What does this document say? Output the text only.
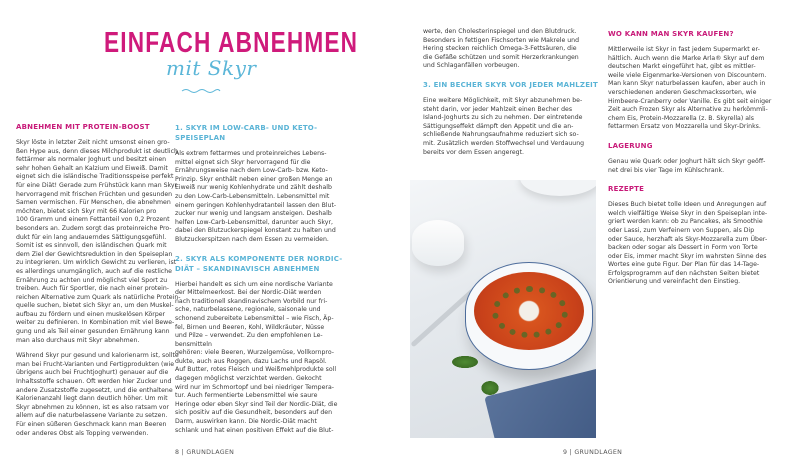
EINFACH ABNEHMEN
mit Skyr
ABNEHMEN MIT PROTEIN-BOOST
Skyr löste in letzter Zeit nicht umsonst einen gro-
ßen Hype aus, denn dieses Milchprodukt ist deutlich
fettärmer als normaler Joghurt und besitzt einen
sehr hohen Gehalt an Kalzium und Eiweiß. Damit
eignet sich die isländische Traditionsspeise perfekt
für eine Diät! Gerade zum Frühstück kann man Skyr
hervorragend mit frischen Früchten und gesunden
Samen vermischen. Für Menschen, die abnehmen
möchten, bietet sich Skyr mit 66 Kalorien pro
100 Gramm und einem Fettanteil von 0,2 Prozent
besonders an. Zudem sorgt das proteinreiche Pro-
dukt für ein lang andauerndes Sättigungsgefühl.
Somit ist es sinnvoll, den isländischen Quark mit
dem Ziel der Gewichtsreduktion in den Speiseplan
zu integrieren. Um wirklich Gewicht zu verlieren, ist
es allerdings unumgänglich, auch auf die restliche
Ernährung zu achten und möglichst viel Sport zu
treiben. Auch für Sportler, die nach einer protein-
reichen Alternative zum Quark als natürliche Protein-
quelle suchen, bietet sich Skyr an, um den Muskel-
aufbau zu fördern und einen muskelösen Körper
weiter zu definieren. In Kombination mit viel Bewe-
gung und als Teil einer gesunden Ernährung kann
man also durchaus mit Skyr abnehmen.
Während Skyr pur gesund und kalorienarm ist, sollte
man bei Frucht-Varianten und Fertigprodukten (wie
übrigens auch bei Fruchtjoghurt) genauer auf die
Inhaltsstoffe schauen. Oft werden hier Zucker und
andere Zusatzstoffe zugesetzt, und die enthaltene
Kalorienanzahl liegt dann deutlich höher. Um mit
Skyr abnehmen zu können, ist es also ratsam vor
allem auf die naturbelassene Variante zu setzen.
Für einen süßeren Geschmack kann man Beeren
oder anderes Obst als Topping verwenden.
1. SKYR IM LOW-CARB- UND KETO-
SPEISEPLAN
Als extrem fettarmes und proteinreiches Lebens-
mittel eignet sich Skyr hervorragend für die
Ernährungsweise nach dem Low-Carb- bzw. Keto-
Prinzip. Skyr enthält neben einer großen Menge an
Eiweiß nur wenig Kohlenhydrate und zählt deshalb
zu den Low-Carb-Lebensmitteln. Lebensmittel mit
einem geringen Kohlenhydratanteil lassen den Blut-
zucker nur wenig und langsam ansteigen. Deshalb
helfen Low-Carb-Lebensmittel, darunter auch Skyr,
dabei den Blutzuckerspiegel konstant zu halten und
Blutzuckerspitzen nach dem Essen zu vermeiden.
2. SKYR ALS KOMPONENTE DER NORDIC-
DIÄT – SKANDINAVISCH ABNEHMEN
Hierbei handelt es sich um eine nordische Variante
der Mittelmeerkost. Bei der Nordic-Diät werden
nach traditionell skandinavischem Vorbild nur fri-
sche, naturbelassene, regionale, saisonale und
schonend zubereitete Lebensmittel – wie Fisch, Äp-
fel, Birnen und Beeren, Kohl, Wildkräuter, Nüsse
und Pilze – verwendet. Zu den empfohlenen Le-
bensmitteln
gehören: viele Beeren, Wurzelgemüse, Vollkornpro-
dukte, auch aus Roggen, dazu Lachs und Rapsöl.
Auf Butter, rotes Fleisch und Weißmehlprodukte soll
dagegen möglichst verzichtet werden. Gekocht
wird nur im Schmortopf und bei niedriger Tempera-
tur. Auch fermentierte Lebensmittel wie saure
Heringe oder eben Skyr sind Teil der Nordic-Diät, die
sich positiv auf die Gesundheit, besonders auf den
Darm, auswirken kann. Die Nordic-Diät macht
schlank und hat einen positiven Effekt auf die Blut-
werte, den Cholesterinspiegel und den Blutdruck.
Besonders in fettigen Fischsorten wie Makrele und
Hering stecken reichlich Omega-3-Fettsäuren, die
die Gefäße schützen und somit Herzerkrankungen
und Schlaganfällen vorbeugen.
3. EIN BECHER SKYR VOR JEDER MAHLZEIT
Eine weitere Möglichkeit, mit Skyr abzunehmen be-
steht darin, vor jeder Mahlzeit einen Becher des
Island-Joghurts zu sich zu nehmen. Der eintretende
Sättigungseffekt dämpft den Appetit und die an-
schließende Nahrungsaufnahme reduziert sich so-
mit. Zusätzlich werden Stoffwechsel und Verdauung
bereits vor dem Essen angeregt.
WO KANN MAN SKYR KAUFEN?
Mittlerweile ist Skyr in fast jedem Supermarkt er-
hältlich. Auch wenn die Marke Arla® Skyr auf dem
deutschen Markt eingeführt hat, gibt es mittler-
weile viele Eigenmarke-Versionen von Discountern.
Man kann Skyr naturbelassen kaufen, aber auch in
verschiedenen anderen Geschmackssorten, wie
Himbeere-Cranberry oder Vanille. Es gibt seit einiger
Zeit auch Frozen Skyr als Alternative zu herkömmli-
chem Eis, Protein-Mozzarella (z. B. Skyrella) als
fettarmen Ersatz von Mozzarella und Skyr-Drinks.
LAGERUNG
Genau wie Quark oder Joghurt hält sich Skyr geöff-
net drei bis vier Tage im Kühlschrank.
REZEPTE
Dieses Buch bietet tolle Ideen und Anregungen auf
welch vielfältige Weise Skyr in den Speiseplan inte-
griert werden kann: ob zu Pancakes, als Smoothie
oder Lassi, zum Verfeinern von Suppen, als Dip
oder Sauce, herzhaft als Skyr-Mozzarella zum Über-
backen oder sogar als Dessert in Form von Torte
oder Eis, immer macht Skyr im wahrsten Sinne des
Wortes eine gute Figur. Der Plan für das 14-Tage-
Erfolgsprogramm auf den nächsten Seiten bietet
Orientierung und vereinfacht den Einstieg.
8 | GRUNDLAGEN	9 | GRUNDLAGEN
